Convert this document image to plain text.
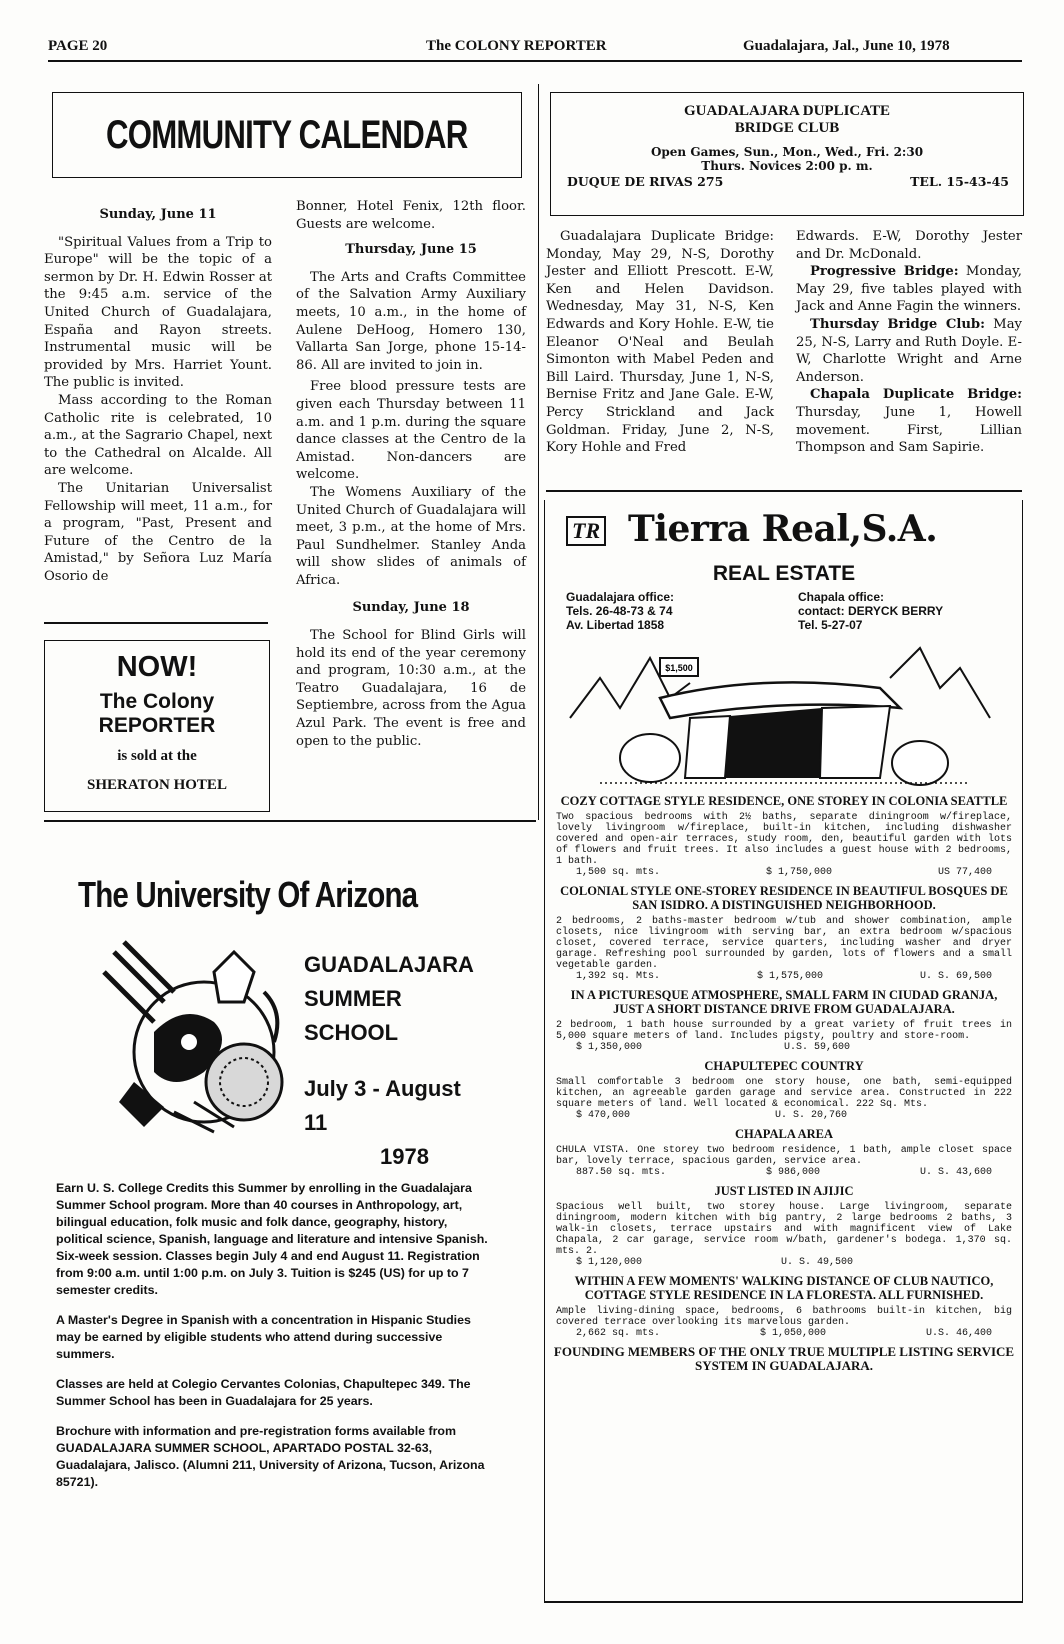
PAGE 20	The COLONY REPORTER	Guadalajara, Jal., June 10, 1978
COMMUNITY CALENDAR
Sunday, June 11

"Spiritual Values from a Trip to Europe" will be the topic of a sermon by Dr. H. Edwin Rosser at the 9:45 a.m. service of the United Church of Guadalajara, España and Rayon streets. Instrumental music will be provided by Mrs. Harriet Yount. The public is invited.

Mass according to the Roman Catholic rite is celebrated, 10 a.m., at the Sagrario Chapel, next to the Cathedral on Alcalde. All are welcome.

The Unitarian Universalist Fellowship will meet, 11 a.m., for a program, "Past, Present and Future of the Centro de la Amistad," by Señora Luz María Osorio de

NOW!
The Colony
REPORTER
is sold at the
SHERATON HOTEL

Bonner, Hotel Fenix, 12th floor. Guests are welcome.

Thursday, June 15

The Arts and Crafts Committee of the Salvation Army Auxiliary meets, 10 a.m., in the home of Aulene DeHoog, Homero 130, Vallarta San Jorge, phone 15-14-86. All are invited to join in.

Free blood pressure tests are given each Thursday between 11 a.m. and 1 p.m. during the square dance classes at the Centro de la Amistad. Non-dancers are welcome.

The Womens Auxiliary of the United Church of Guadalajara will meet, 3 p.m., at the home of Mrs. Paul Sundhelmer. Stanley Anda will show slides of animals of Africa.

Sunday, June 18

The School for Blind Girls will hold its end of the year ceremony and program, 10:30 a.m., at the Teatro Guadalajara, 16 de Septiembre, across from the Agua Azul Park. The event is free and open to the public.

GUADALAJARA DUPLICATE
BRIDGE CLUB
Open Games, Sun., Mon., Wed., Fri. 2:30
Thurs. Novices 2:00 p. m.
DUQUE DE RIVAS 275	TEL. 15-43-45

Guadalajara Duplicate Bridge: Monday, May 29, N-S, Dorothy Jester and Elliott Prescott. E-W, Ken and Helen Davidson. Wednesday, May 31, N-S, Ken Edwards and Kory Hohle. E-W, tie Eleanor O'Neal and Beulah Simonton with Mabel Peden and Bill Laird. Thursday, June 1, N-S, Bernise Fritz and Jane Gale. E-W, Percy Strickland and Jack Goldman. Friday, June 2, N-S, Kory Hohle and Fred

Edwards. E-W, Dorothy Jester and Dr. McDonald.

Progressive Bridge: Monday, May 29, five tables played with Jack and Anne Fagin the winners.

Thursday Bridge Club: May 25, N-S, Larry and Ruth Doyle. E-W, Charlotte Wright and Arne Anderson.

Chapala Duplicate Bridge: Thursday, June 1, Howell movement. First, Lillian Thompson and Sam Sapirie.

The University Of Arizona
GUADALAJARA
SUMMER
SCHOOL
July 3 - August 11
1978

Earn U. S. College Credits this Summer by enrolling in the Guadalajara Summer School program. More than 40 courses in Anthropology, art, bilingual education, folk music and folk dance, geography, history, political science, Spanish, language and literature and intensive Spanish. Six-week session. Classes begin July 4 and end August 11. Registration from 9:00 a.m. until 1:00 p.m. on July 3. Tuition is $245 (US) for up to 7 semester credits.

A Master's Degree in Spanish with a concentration in Hispanic Studies may be earned by eligible students who attend during successive summers.

Classes are held at Colegio Cervantes Colonias, Chapultepec 349. The Summer School has been in Guadalajara for 25 years.

Brochure with information and pre-registration forms available from GUADALAJARA SUMMER SCHOOL, APARTADO POSTAL 32-63, Guadalajara, Jalisco. (Alumni 211, University of Arizona, Tucson, Arizona 85721).

TR Tierra Real,S.A.
REAL ESTATE
Guadalajara office:
Tels. 26-48-73 & 74
Av. Libertad 1858
Chapala office:
contact: DERYCK BERRY
Tel. 5-27-07
$1,500
COZY COTTAGE STYLE RESIDENCE, ONE STOREY IN COLONIA SEATTLE
Two spacious bedrooms with 2½ baths, separate diningroom w/fireplace, lovely livingroom w/fireplace, built-in kitchen, including dishwasher covered and open-air terraces, study room, den, beautiful garden with lots of flowers and fruit trees. It also includes a guest house with 2 bedrooms, 1 bath.
1,500 sq. mts.	$ 1,750,000	US 77,400
COLONIAL STYLE ONE-STOREY RESIDENCE IN BEAUTIFUL BOSQUES DE SAN ISIDRO. A DISTINGUISHED NEIGHBORHOOD.
2 bedrooms, 2 baths-master bedroom w/tub and shower combination, ample closets, nice livingroom with serving bar, an extra bedroom w/spacious closet, covered terrace, service quarters, including washer and dryer garage. Refreshing pool surrounded by garden, lots of flowers and a small vegetable garden.
1,392 sq. Mts.	$ 1,575,000	U. S. 69,500
IN A PICTURESQUE ATMOSPHERE, SMALL FARM IN CIUDAD GRANJA, JUST A SHORT DISTANCE DRIVE FROM GUADALAJARA.
2 bedroom, 1 bath house surrounded by a great variety of fruit trees in 5,000 square meters of land. Includes pigsty, poultry and store-room.
$ 1,350,000	U.S. 59,600
CHAPULTEPEC COUNTRY
Small comfortable 3 bedroom one story house, one bath, semi-equipped kitchen, an agreeable garden garage and service area. Constructed in 222 square meters of land. Well located & economical. 222 Sq. Mts.
$ 470,000	U. S. 20,760
CHAPALA AREA
CHULA VISTA. One storey two bedroom residence, 1 bath, ample closet space bar, lovely terrace, spacious garden, service area.
887.50 sq. mts.	$ 986,000	U. S. 43,600
JUST LISTED IN AJIJIC
Spacious well built, two storey house. Large livingroom, separate diningroom, modern kitchen with big pantry, 2 large bedrooms 2 baths, 3 walk-in closets, terrace upstairs and with magnificent view of Lake Chapala, 2 car garage, service room w/bath, gardener's bodega. 1,370 sq. mts. 2.
$ 1,120,000	U. S. 49,500
WITHIN A FEW MOMENTS' WALKING DISTANCE OF CLUB NAUTICO, COTTAGE STYLE RESIDENCE IN LA FLORESTA. ALL FURNISHED.
Ample living-dining space, bedrooms, 6 bathrooms built-in kitchen, big covered terrace overlooking its marvelous garden.
2,662 sq. mts.	$ 1,050,000	U.S. 46,400
FOUNDING MEMBERS OF THE ONLY TRUE MULTIPLE LISTING SERVICE SYSTEM IN GUADALAJARA.
